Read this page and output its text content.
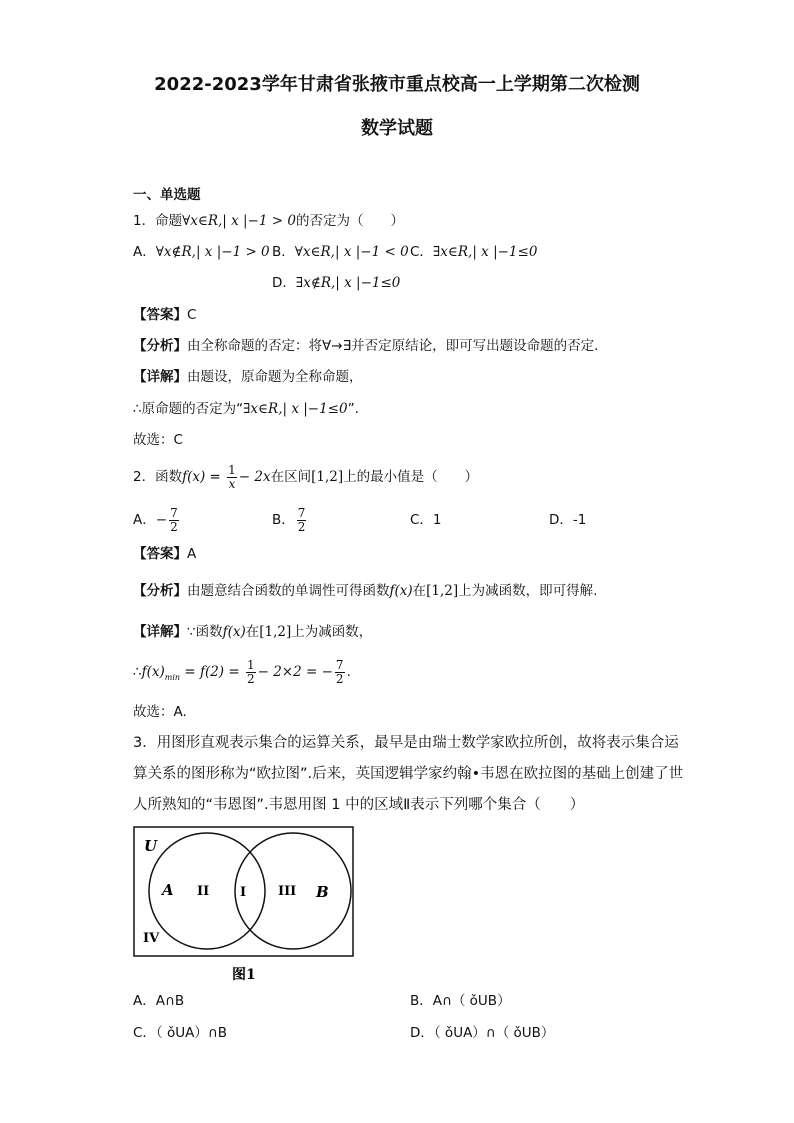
2022-2023学年甘肃省张掖市重点校高一上学期第二次检测
数学试题
一、单选题
1．命题∀x∈R,| x |−1 > 0的否定为（　　）
A．∀x∉R,| x |−1 > 0 B．∀x∈R,| x |−1 < 0 C．∃x∈R,| x |−1≤0
D．∃x∉R,| x |−1≤0
【答案】C
【分析】由全称命题的否定：将∀→∃并否定原结论，即可写出题设命题的否定.
【详解】由题设，原命题为全称命题，
∴原命题的否定为“∃x∈R,| x |−1≤0”.
故选：C
2．函数$f(x) = \frac{1}{x} - 2x$在区间[1,2]上的最小值是（　　）
A．− $\frac{7}{2}$	B． $\frac{7}{2}$	C．1	D．-1
【答案】A
【分析】由题意结合函数的单调性可得函数f(x)在[1,2]上为减函数，即可得解.
【详解】∵函数f(x)在[1,2]上为减函数，
$\therefore f(x)_{min} = f(2) = \frac{1}{2} - 2\times 2$ = − $\frac{7}{2}$ .
故选：A.
3．用图形直观表示集合的运算关系，最早是由瑞士数学家欧拉所创，故将表示集合运
算关系的图形称为“欧拉图”.后来，英国逻辑学家约翰•韦恩在欧拉图的基础上创建了世
人所熟知的“韦恩图”.韦恩用图 1 中的区域Ⅱ表示下列哪个集合（　　）
U
A	B
II I III
IV
图1
A．A∩B	B．A∩（ ǒUB）
C．（ ǒUA）∩B	D．（ ǒUA）∩（ ǒUB）
